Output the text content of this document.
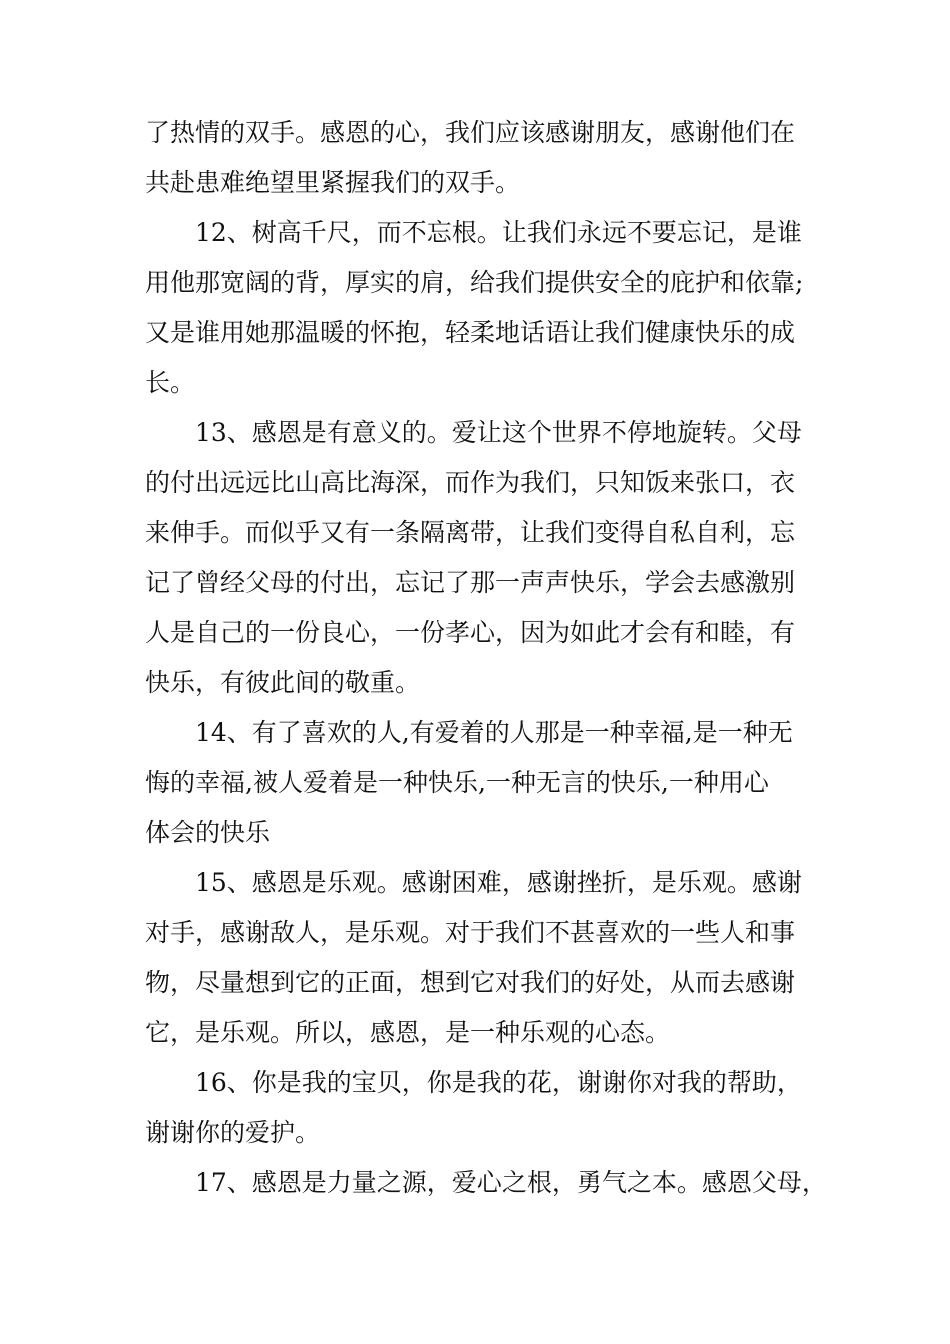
了热情的双手。感恩的心，我们应该感谢朋友，感谢他们在
共赴患难绝望里紧握我们的双手。
12、树高千尺，而不忘根。让我们永远不要忘记，是谁
用他那宽阔的背，厚实的肩，给我们提供安全的庇护和依靠;
又是谁用她那温暖的怀抱，轻柔地话语让我们健康快乐的成
长。
13、感恩是有意义的。爱让这个世界不停地旋转。父母
的付出远远比山高比海深，而作为我们，只知饭来张口，衣
来伸手。而似乎又有一条隔离带，让我们变得自私自利，忘
记了曾经父母的付出，忘记了那一声声快乐，学会去感激别
人是自己的一份良心，一份孝心，因为如此才会有和睦，有
快乐，有彼此间的敬重。
14、有了喜欢的人,有爱着的人那是一种幸福,是一种无
悔的幸福,被人爱着是一种快乐,一种无言的快乐,一种用心
体会的快乐
15、感恩是乐观。感谢困难，感谢挫折，是乐观。感谢
对手，感谢敌人，是乐观。对于我们不甚喜欢的一些人和事
物，尽量想到它的正面，想到它对我们的好处，从而去感谢
它，是乐观。所以，感恩，是一种乐观的心态。
16、你是我的宝贝，你是我的花，谢谢你对我的帮助，
谢谢你的爱护。
17、感恩是力量之源，爱心之根，勇气之本。感恩父母，
